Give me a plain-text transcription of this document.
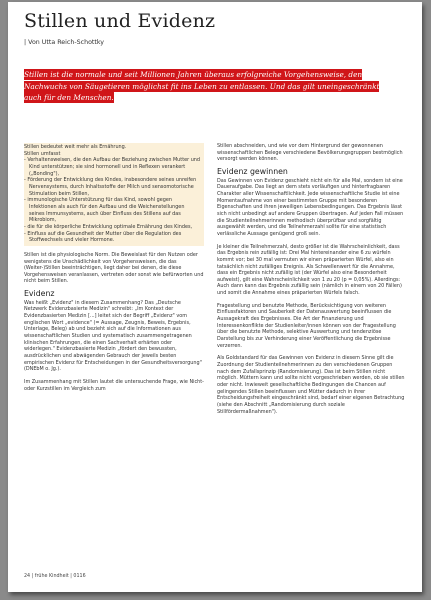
Stillen und Evidenz
| Von Utta Reich-Schottky
Stillen ist die normale und seit Millionen Jahren überaus erfolgreiche Vorgehensweise, den Nachwuchs von Säugetieren möglichst fit ins Leben zu entlassen. Und das gilt uneingeschränkt auch für den Menschen.

Stillen bedeutet weit mehr als Ernährung.

Stillen umfasst

- Verhaltensweisen, die den Aufbau der Beziehung zwischen Mutter und Kind unterstützen; sie sind hormonell und in Reflexen verankert („Bonding"),
- Förderung der Entwicklung des Kindes, insbesondere seines unreifen Nervensystems, durch Inhaltsstoffe der Milch und sensomotorische Stimulation beim Stillen,
- immunologische Unterstützung für das Kind, sowohl gegen Infektionen als auch für den Aufbau und die Weichenstellungen seines Immunsystems, auch über Einfluss des Stillens auf das Mikrobiom,
- die für die körperliche Entwicklung optimale Ernährung des Kindes,
- Einfluss auf die Gesundheit der Mutter über die Regulation des Stoffwechsels und vieler Hormone.

Stillen ist die physiologische Norm. Die Beweislast für den Nutzen oder wenigstens die Unschädlichkeit von Vorgehensweisen, die das (Weiter-)Stillen beeinträchtigen, liegt daher bei denen, die diese Vorgehensweisen veranlassen, vertreten oder sonst wie befürworten und nicht beim Stillen.

Evidenz

Was heißt „Evidenz" in diesem Zusammenhang? Das „Deutsche Netzwerk Evidenzbasierte Medizin" schreibt: „Im Kontext der Evidenzbasierten Medizin [...] leitet sich der Begriff „Evidenz" vom englischen Wort „evidence" (= Aussage, Zeugnis, Beweis, Ergebnis, Unterlage, Beleg) ab und bezieht sich auf die Informationen aus wissenschaftlichen Studien und systematisch zusammengetragenen klinischen Erfahrungen, die einen Sachverhalt erhärten oder widerlegen." Evidenzbasierte Medizin „fördert den bewussten, ausdrücklichen und abwägenden Gebrauch der jeweils besten empirischen Evidenz für Entscheidungen in der Gesundheitsversorgung" (DNEbM o. Jg.).

Im Zusammenhang mit Stillen lautet die untersuchende Frage, wie Nicht- oder Kurzstillen im Vergleich zum

Stillen abschneiden, und wie vor dem Hintergrund der gewonnenen wissenschaftlichen Belege verschiedene Bevölkerungsgruppen bestmöglich versorgt werden können.

Evidenz gewinnen

Das Gewinnen von Evidenz geschieht nicht ein für alle Mal, sondern ist eine Daueraufgabe. Das liegt an dem stets vorläufigen und hinterfragbaren Charakter aller Wissenschaftlichkeit. Jede wissenschaftliche Studie ist eine Momentaufnahme von einer bestimmten Gruppe mit besonderen Eigenschaften und ihren jeweiligen Lebensbedingungen. Das Ergebnis lässt sich nicht unbedingt auf andere Gruppen übertragen. Auf jeden Fall müssen die Studienteilnehmerinnen methodisch überprüfbar und sorgfältig ausgewählt werden, und die Teilnehmerzahl sollte für eine statistisch verlässliche Aussage genügend groß sein.

Je kleiner die Teilnehmerzahl, desto größer ist die Wahrscheinlichkeit, dass das Ergebnis rein zufällig ist: Drei Mal hintereinander eine 6 zu würfeln kommt vor; bei 30 mal vermuten wir einen präparierten Würfel, also ein tatsächlich nicht zufälliges Ereignis. Als Schwellenwert für die Annahme, dass ein Ergebnis nicht zufällig ist (der Würfel also eine Besonderheit aufweist), gilt eine Wahrscheinlichkeit von 1 zu 20 (p = 0,05%). Allerdings: Auch dann kann das Ergebnis zufällig sein (nämlich in einem von 20 Fällen) und somit die Annahme eines präparierten Würfels falsch.

Fragestellung und benutzte Methode, Berücksichtigung von weiteren Einflussfaktoren und Sauberkeit der Datenauswertung beeinflussen die Aussagekraft des Ergebnisses. Die Art der Finanzierung und Interessenkonflikte der Studienleiter/innen können von der Fragestellung über die benutzte Methode, selektive Auswertung und tendenziöse Darstellung bis zur Verhinderung einer Veröffentlichung die Ergebnisse verzerren.

Als Goldstandard für das Gewinnen von Evidenz in diesem Sinne gilt die Zuordnung der Studienteilnehmerinnen zu den verschiedenen Gruppen nach dem Zufallsprinzip (Randomisierung). Das ist beim Stillen nicht möglich. Müttern kann und sollte nicht vorgeschrieben werden, ob sie stillen oder nicht. Inwieweit gesellschaftliche Bedingungen die Chancen auf gelingendes Stillen beeinflussen und Mütter dadurch in ihrer Entscheidungsfreiheit eingeschränkt sind, bedarf einer eigenen Betrachtung (siehe den Abschnitt „Randomisierung durch soziale Stillfördermaßnahmen").

24 | frühe Kindheit | 0116
